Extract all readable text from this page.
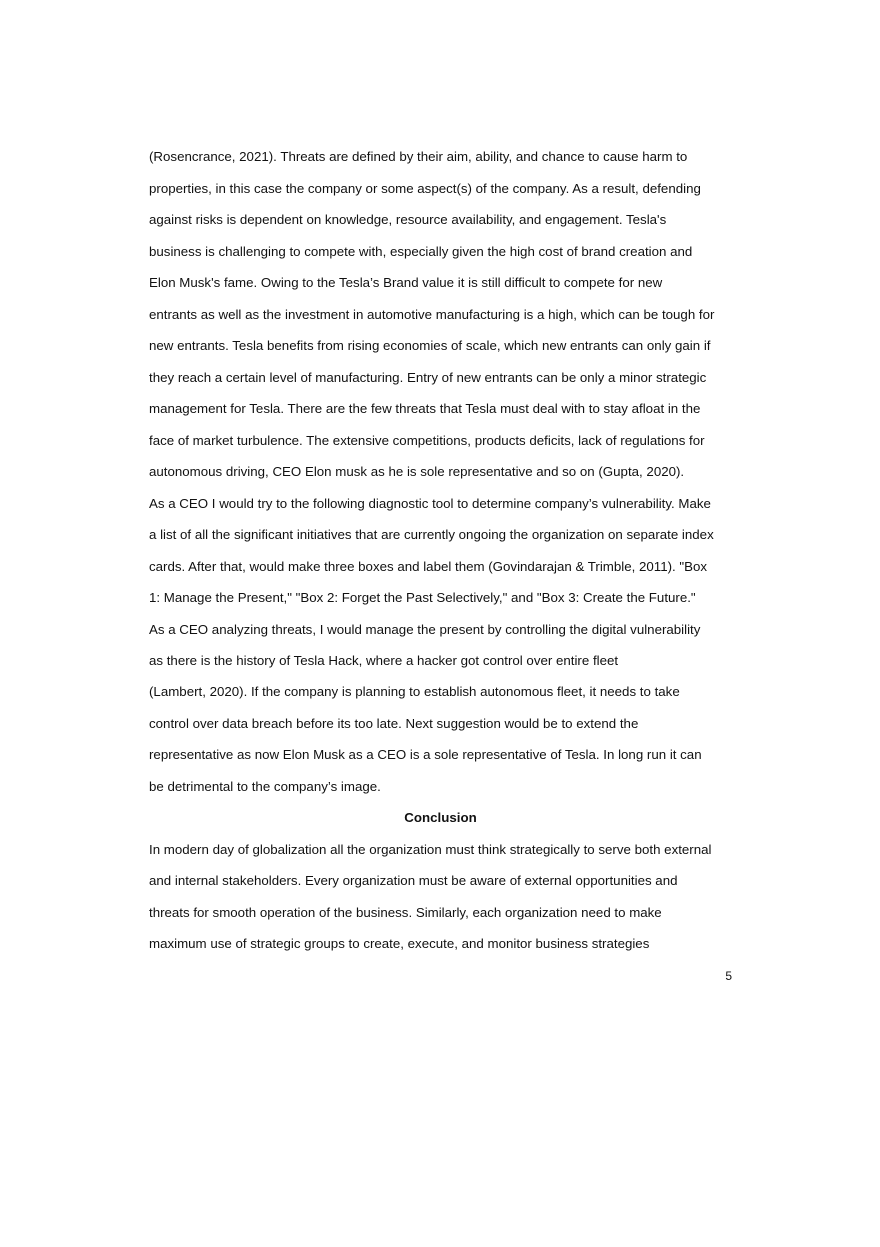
(Rosencrance, 2021). Threats are defined by their aim, ability, and chance to cause harm to
properties, in this case the company or some aspect(s) of the company. As a result, defending
against risks is dependent on knowledge, resource availability, and engagement. Tesla's
business is challenging to compete with, especially given the high cost of brand creation and
Elon Musk's fame. Owing to the Tesla’s Brand value it is still difficult to compete for new
entrants as well as the investment in automotive manufacturing is a high, which can be tough for
new entrants. Tesla benefits from rising economies of scale, which new entrants can only gain if
they reach a certain level of manufacturing. Entry of new entrants can be only a minor strategic
management for Tesla. There are the few threats that Tesla must deal with to stay afloat in the
face of market turbulence. The extensive competitions, products deficits, lack of regulations for
autonomous driving, CEO Elon musk as he is sole representative and so on (Gupta, 2020).
As a CEO I would try to the following diagnostic tool to determine company’s vulnerability. Make
a list of all the significant initiatives that are currently ongoing the organization on separate index
cards. After that, would make three boxes and label them (Govindarajan & Trimble, 2011). "Box
1: Manage the Present," "Box 2: Forget the Past Selectively," and "Box 3: Create the Future."
As a CEO analyzing threats, I would manage the present by controlling the digital vulnerability
as there is the history of Tesla Hack, where a hacker got control over entire fleet
(Lambert, 2020). If the company is planning to establish autonomous fleet, it needs to take
control over data breach before its too late. Next suggestion would be to extend the
representative as now Elon Musk as a CEO is a sole representative of Tesla. In long run it can
be detrimental to the company’s image.
Conclusion
In modern day of globalization all the organization must think strategically to serve both external
and internal stakeholders. Every organization must be aware of external opportunities and
threats for smooth operation of the business. Similarly, each organization need to make
maximum use of strategic groups to create, execute, and monitor business strategies
5
